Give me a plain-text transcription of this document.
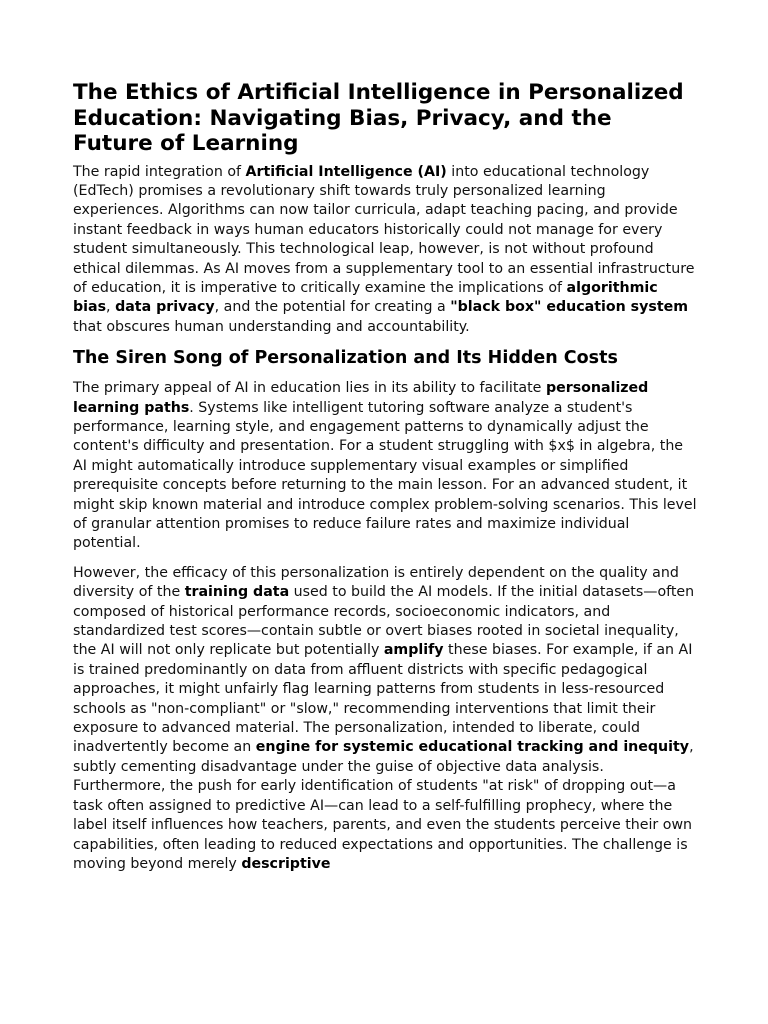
The Ethics of Artificial Intelligence in Personalized Education: Navigating Bias, Privacy, and the Future of Learning

The rapid integration of Artificial Intelligence (AI) into educational technology (EdTech) promises a revolutionary shift towards truly personalized learning experiences. Algorithms can now tailor curricula, adapt teaching pacing, and provide instant feedback in ways human educators historically could not manage for every student simultaneously. This technological leap, however, is not without profound ethical dilemmas. As AI moves from a supplementary tool to an essential infrastructure of education, it is imperative to critically examine the implications of algorithmic bias, data privacy, and the potential for creating a "black box" education system that obscures human understanding and accountability.

The Siren Song of Personalization and Its Hidden Costs

The primary appeal of AI in education lies in its ability to facilitate personalized learning paths. Systems like intelligent tutoring software analyze a student's performance, learning style, and engagement patterns to dynamically adjust the content's difficulty and presentation. For a student struggling with $x$ in algebra, the AI might automatically introduce supplementary visual examples or simplified prerequisite concepts before returning to the main lesson. For an advanced student, it might skip known material and introduce complex problem-solving scenarios. This level of granular attention promises to reduce failure rates and maximize individual potential.

However, the efficacy of this personalization is entirely dependent on the quality and diversity of the training data used to build the AI models. If the initial datasets—often composed of historical performance records, socioeconomic indicators, and standardized test scores—contain subtle or overt biases rooted in societal inequality, the AI will not only replicate but potentially amplify these biases. For example, if an AI is trained predominantly on data from affluent districts with specific pedagogical approaches, it might unfairly flag learning patterns from students in less-resourced schools as "non-compliant" or "slow," recommending interventions that limit their exposure to advanced material. The personalization, intended to liberate, could inadvertently become an engine for systemic educational tracking and inequity, subtly cementing disadvantage under the guise of objective data analysis. Furthermore, the push for early identification of students "at risk" of dropping out—a task often assigned to predictive AI—can lead to a self-fulfilling prophecy, where the label itself influences how teachers, parents, and even the students perceive their own capabilities, often leading to reduced expectations and opportunities. The challenge is moving beyond merely descriptive
